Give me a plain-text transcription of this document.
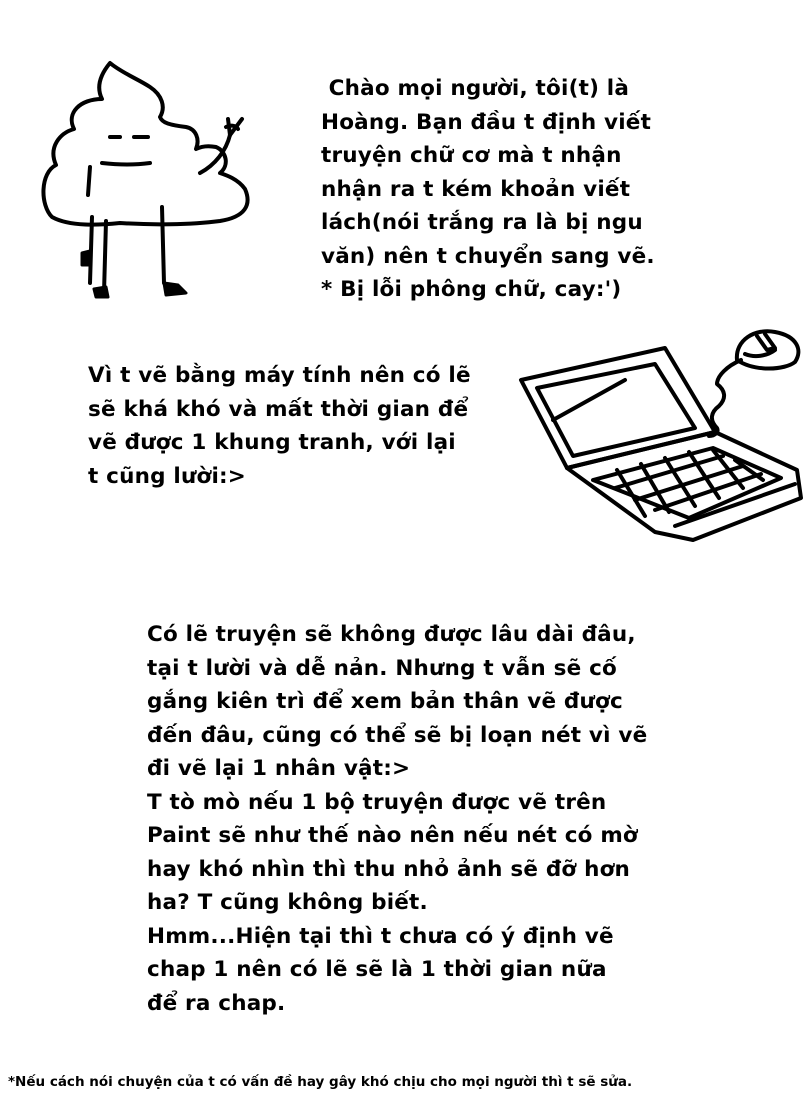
Chào mọi người, tôi(t) là
Hoàng. Bạn đầu t định viết
truyện chữ cơ mà t nhận
nhận ra t kém khoản viết
lách(nói trắng ra là bị ngu
văn) nên t chuyển sang vẽ.
* Bị lỗi phông chữ, cay:')
Vì t vẽ bằng máy tính nên có lẽ
sẽ khá khó và mất thời gian để
vẽ được 1 khung tranh, với lại
t cũng lười:>
Có lẽ truyện sẽ không được lâu dài đâu,
tại t lười và dễ nản. Nhưng t vẫn sẽ cố
gắng kiên trì để xem bản thân vẽ được
đến đâu, cũng có thể sẽ bị loạn nét vì vẽ
đi vẽ lại 1 nhân vật:>
T tò mò nếu 1 bộ truyện được vẽ trên
Paint sẽ như thế nào nên nếu nét có mờ
hay khó nhìn thì thu nhỏ ảnh sẽ đỡ hơn
ha? T cũng không biết.
Hmm...Hiện tại thì t chưa có ý định vẽ
chap 1 nên có lẽ sẽ là 1 thời gian nữa
để ra chap.
*Nếu cách nói chuyện của t có vấn đề hay gây khó chịu cho mọi người thì t sẽ sửa.
